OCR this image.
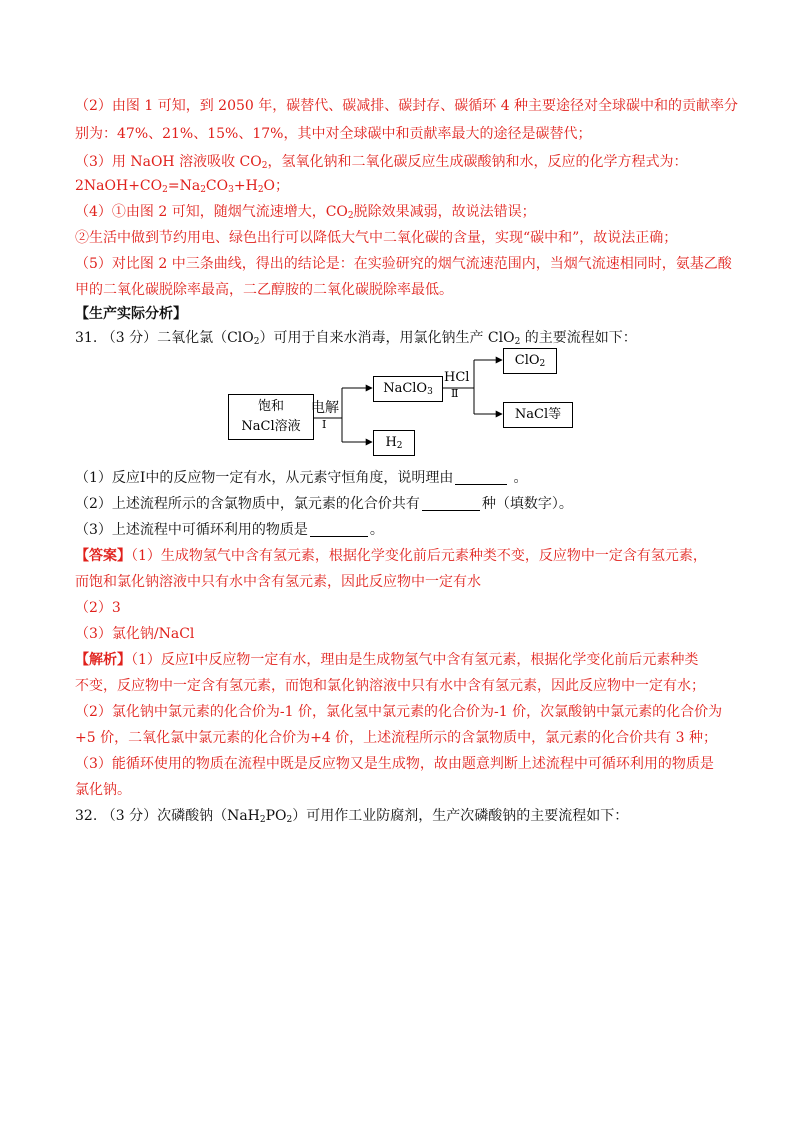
（2）由图 1 可知，到 2050 年，碳替代、碳减排、碳封存、碳循环 4 种主要途径对全球碳中和的贡献率分
别为：47%、21%、15%、17%，其中对全球碳中和贡献率最大的途径是碳替代；
（3）用 NaOH 溶液吸收 $CO_2$，氢氧化钠和二氧化碳反应生成碳酸钠和水，反应的化学方程式为：
$2NaOH+CO_2=Na_2CO_3+H_2O$；
（4）①由图 2 可知，随烟气流速增大，$CO_2$脱除效果减弱，故说法错误；
②生活中做到节约用电、绿色出行可以降低大气中二氧化碳的含量，实现“碳中和”，故说法正确；
（5）对比图 2 中三条曲线，得出的结论是：在实验研究的烟气流速范围内，当烟气流速相同时，氨基乙酸
甲的二氧化碳脱除率最高，二乙醇胺的二氧化碳脱除率最低。
【生产实际分析】
31. （3 分）二氧化氯（ClO$_2$）可用于自来水消毒，用氯化钠生产 ClO$_2$ 的主要流程如下：
饱和
NaCl溶液
电解
Ⅰ
NaClO$_3$
$H_2$
HCl
Ⅱ
ClO$_2$
NaCl等
（1）反应Ⅰ中的反应物一定有水，从元素守恒角度，说明理由	。
（2）上述流程所示的含氯物质中，氯元素的化合价共有	种（填数字）。
（3）上述流程中可循环利用的物质是	。
【答案】（1）生成物氢气中含有氢元素，根据化学变化前后元素种类不变，反应物中一定含有氢元素，
而饱和氯化钠溶液中只有水中含有氢元素，因此反应物中一定有水
（2）3
（3）氯化钠/NaCl
【解析】（1）反应Ⅰ中反应物一定有水，理由是生成物氢气中含有氢元素，根据化学变化前后元素种类
不变，反应物中一定含有氢元素，而饱和氯化钠溶液中只有水中含有氢元素，因此反应物中一定有水；
（2）氯化钠中氯元素的化合价为-1 价，氯化氢中氯元素的化合价为-1 价，次氯酸钠中氯元素的化合价为
+5 价，二氧化氯中氯元素的化合价为+4 价，上述流程所示的含氯物质中，氯元素的化合价共有 3 种；
（3）能循环使用的物质在流程中既是反应物又是生成物，故由题意判断上述流程中可循环利用的物质是
氯化钠。
32. （3 分）次磷酸钠$(NaH_2PO_2)$可用作工业防腐剂，生产次磷酸钠的主要流程如下：
